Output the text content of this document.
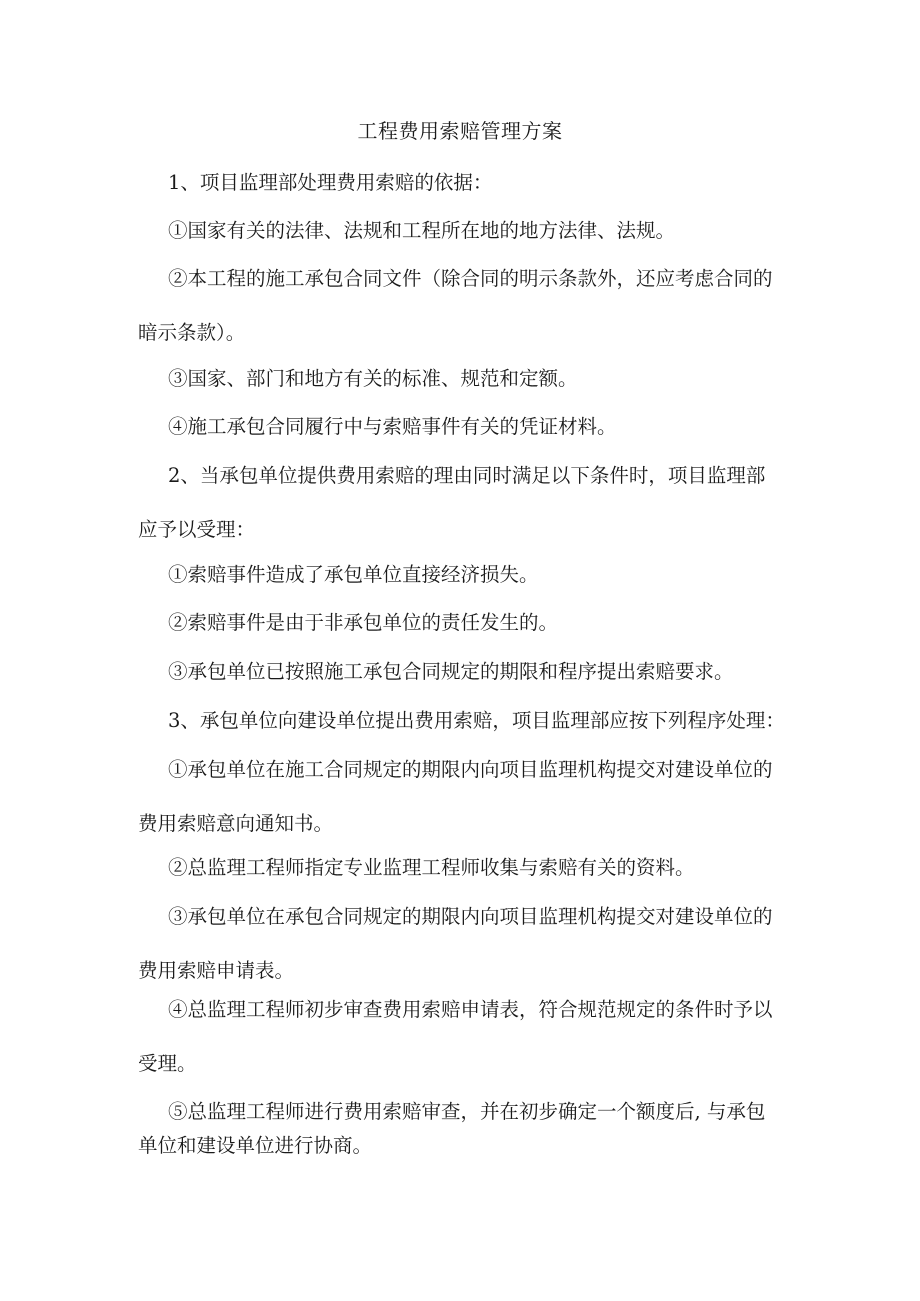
工程费用索赔管理方案
1、项目监理部处理费用索赔的依据：
①国家有关的法律、法规和工程所在地的地方法律、法规。
②本工程的施工承包合同文件（除合同的明示条款外，还应考虑合同的
暗示条款）。
③国家、部门和地方有关的标准、规范和定额。
④施工承包合同履行中与索赔事件有关的凭证材料。
2、当承包单位提供费用索赔的理由同时满足以下条件时，项目监理部
应予以受理：
①索赔事件造成了承包单位直接经济损失。
②索赔事件是由于非承包单位的责任发生的。
③承包单位已按照施工承包合同规定的期限和程序提出索赔要求。
3、承包单位向建设单位提出费用索赔，项目监理部应按下列程序处理：
①承包单位在施工合同规定的期限内向项目监理机构提交对建设单位的
费用索赔意向通知书。
②总监理工程师指定专业监理工程师收集与索赔有关的资料。
③承包单位在承包合同规定的期限内向项目监理机构提交对建设单位的
费用索赔申请表。
④总监理工程师初步审查费用索赔申请表，符合规范规定的条件时予以
受理。
⑤总监理工程师进行费用索赔审查，并在初步确定一个额度后, 与承包
单位和建设单位进行协商。
